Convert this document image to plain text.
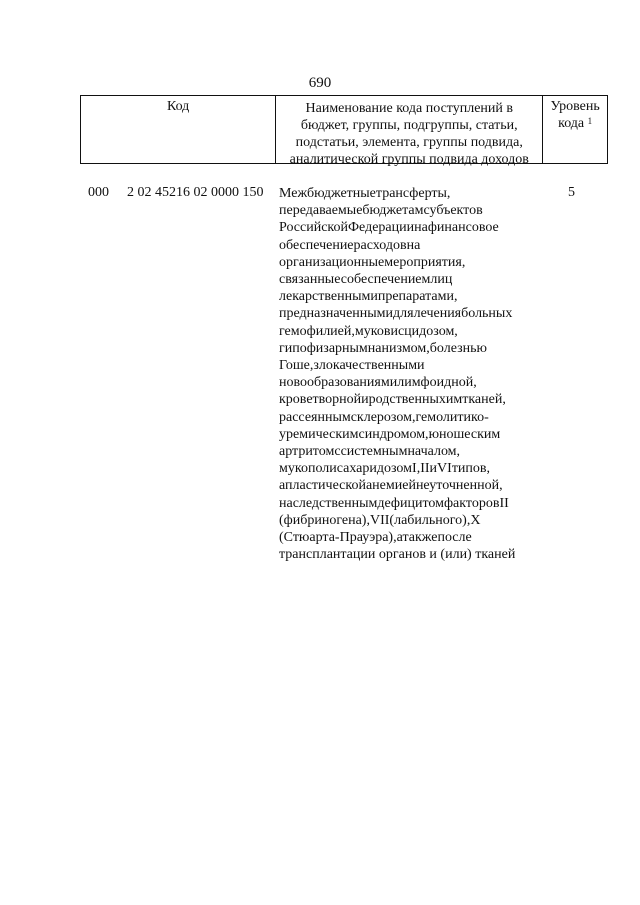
690
Код	Наименование кода поступлений в
бюджет, группы, подгруппы, статьи,
подстатьи, элемента, группы подвида,
аналитической группы подвида доходов
Уровень
кода $^1$
000 2 02 45216 02 0000 150 Межбюджетныетрансферты,
передаваемыебюджетамсубъектов
РоссийскойФедерациинафинансовое
обеспечениерасходовна
организационныемероприятия,
связанныесобеспечениемлиц
лекарственнымипрепаратами,
предназначеннымидлялечениябольных
гемофилией,муковисцидозом,
гипофизарнымнанизмом,болезнью
Гоше,злокачественными
новообразованиямилимфоидной,
кроветворнойиродственныхимтканей,
рассеяннымсклерозом,гемолитико-
уремическимсиндромом,юношеским
артритомссистемнымначалом,
мукополисахаридозомI,IIиVIтипов,
апластическойанемиейнеуточненной,
наследственнымдефицитомфакторовII
(фибриногена),VII(лабильного),X
(Стюарта-Прауэра),атакжепосле
трансплантации органов и (или) тканей
5
